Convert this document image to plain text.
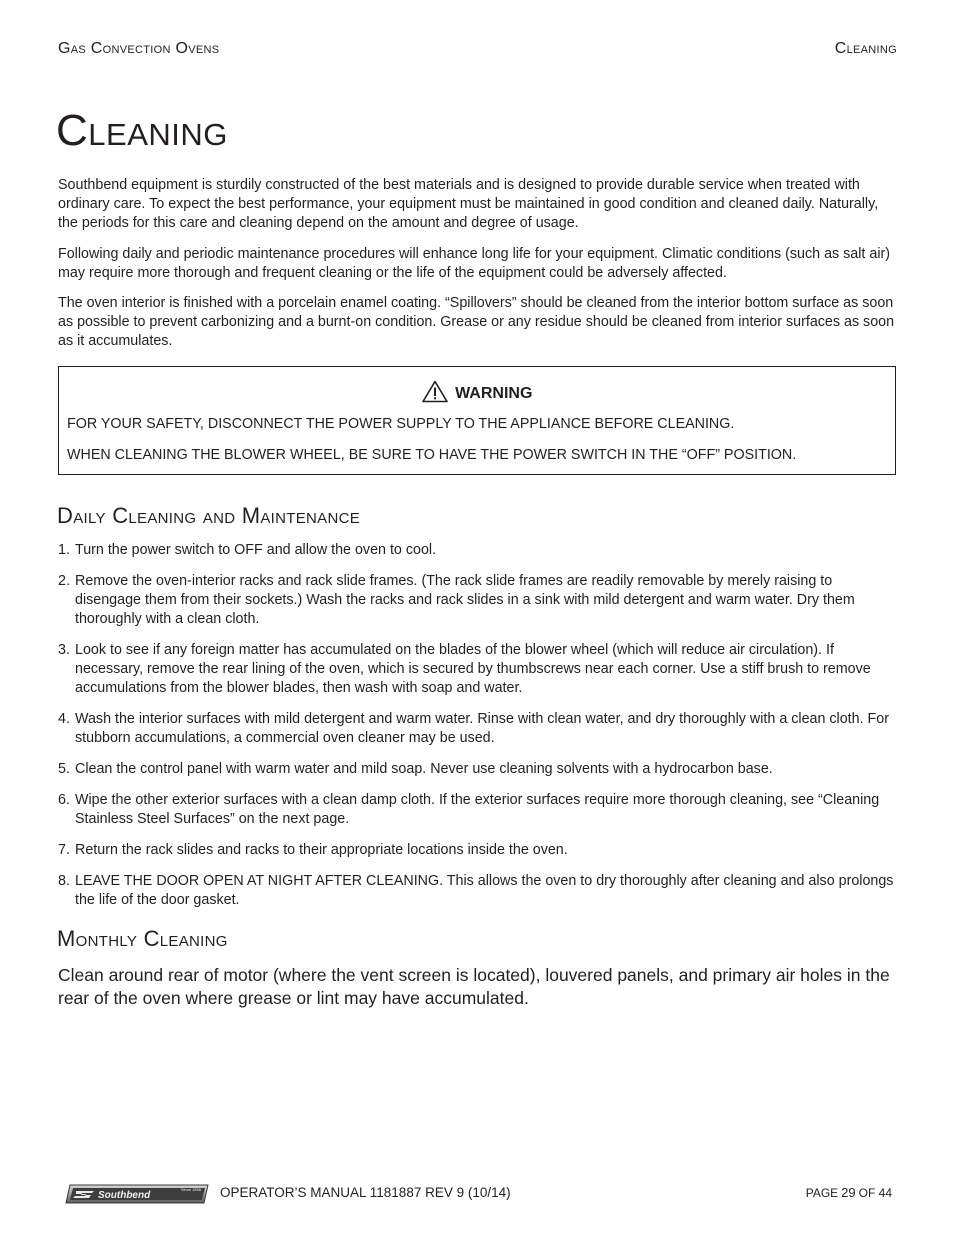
Gas Convection Ovens	Cleaning
Cleaning

Southbend equipment is sturdily constructed of the best materials and is designed to provide durable service when treated with ordinary care. To expect the best performance, your equipment must be maintained in good condition and cleaned daily. Naturally, the periods for this care and cleaning depend on the amount and degree of usage.

Following daily and periodic maintenance procedures will enhance long life for your equipment. Climatic conditions (such as salt air) may require more thorough and frequent cleaning or the life of the equipment could be adversely affected.

The oven interior is finished with a porcelain enamel coating. “Spillovers” should be cleaned from the interior bottom surface as soon as possible to prevent carbonizing and a burnt-on condition. Grease or any residue should be cleaned from interior surfaces as soon as it accumulates.

WARNING
FOR YOUR SAFETY, DISCONNECT THE POWER SUPPLY TO THE APPLIANCE BEFORE CLEANING.
WHEN CLEANING THE BLOWER WHEEL, BE SURE TO HAVE THE POWER SWITCH IN THE “OFF” POSITION.
Daily Cleaning and Maintenance
1. Turn the power switch to OFF and allow the oven to cool.
2. Remove the oven-interior racks and rack slide frames. (The rack slide frames are readily removable by merely raising to disengage them from their sockets.) Wash the racks and rack slides in a sink with mild detergent and warm water. Dry them thoroughly with a clean cloth.
3. Look to see if any foreign matter has accumulated on the blades of the blower wheel (which will reduce air circulation). If necessary, remove the rear lining of the oven, which is secured by thumbscrews near each corner. Use a stiff brush to remove accumulations from the blower blades, then wash with soap and water.
4. Wash the interior surfaces with mild detergent and warm water. Rinse with clean water, and dry thoroughly with a clean cloth. For stubborn accumulations, a commercial oven cleaner may be used.
5. Clean the control panel with warm water and mild soap. Never use cleaning solvents with a hydrocarbon base.
6. Wipe the other exterior surfaces with a clean damp cloth. If the exterior surfaces require more thorough cleaning, see “Cleaning Stainless Steel Surfaces” on the next page.
7. Return the rack slides and racks to their appropriate locations inside the oven.
8. LEAVE THE DOOR OPEN AT NIGHT AFTER CLEANING. This allows the oven to dry thoroughly after cleaning and also prolongs the life of the door gasket.
Monthly Cleaning

Clean around rear of motor (where the vent screen is located), louvered panels, and primary air holes in the rear of the oven where grease or lint may have accumulated.

Southbend
Since 1898 OPERATOR’S MANUAL 1181887 REV 9 (10/14)	PAGE 29 OF 44
